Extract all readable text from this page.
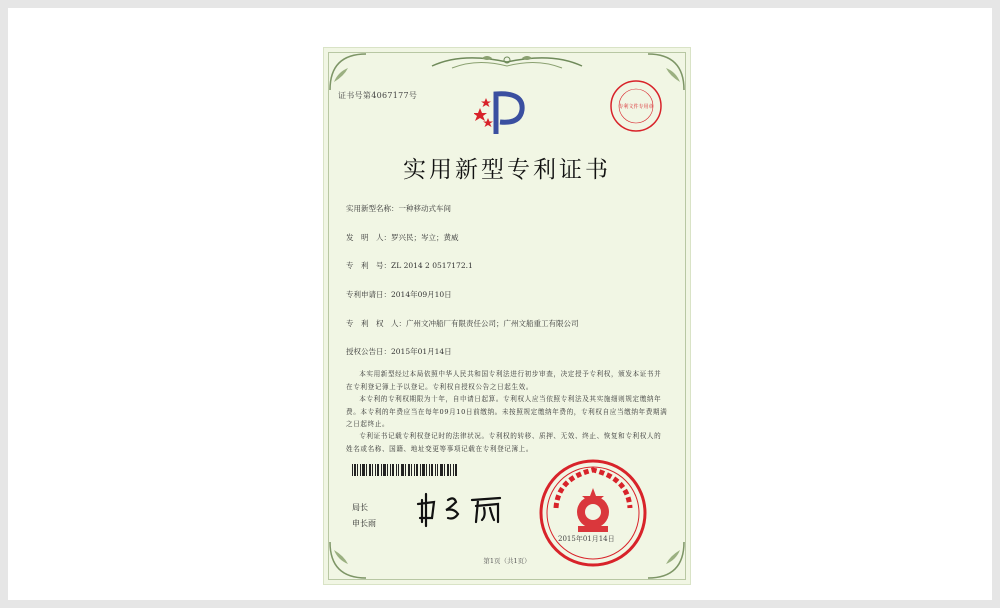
证书号第4067177号
专利文件专用章
实用新型专利证书
实用新型名称：一种移动式车间
发　明　人：罗兴民；岑立；黄威
专　利　号：ZL 2014 2 0517172.1
专利申请日：2014年09月10日
专　利　权　人：广州文冲船厂有限责任公司；广州文船重工有限公司
授权公告日：2015年01月14日
本实用新型经过本局依照中华人民共和国专利法进行初步审查，决定授予专利权，颁发本证书并在专利登记簿上予以登记。专利权自授权公告之日起生效。
本专利的专利权期限为十年，自申请日起算。专利权人应当依照专利法及其实施细则规定缴纳年费。本专利的年费应当在每年09月10日前缴纳。未按照规定缴纳年费的，专利权自应当缴纳年费期满之日起终止。
专利证书记载专利权登记时的法律状况。专利权的转移、质押、无效、终止、恢复和专利权人的姓名或名称、国籍、地址变更等事项记载在专利登记簿上。
局长
申长雨
2015年01月14日
第1页（共1页）
